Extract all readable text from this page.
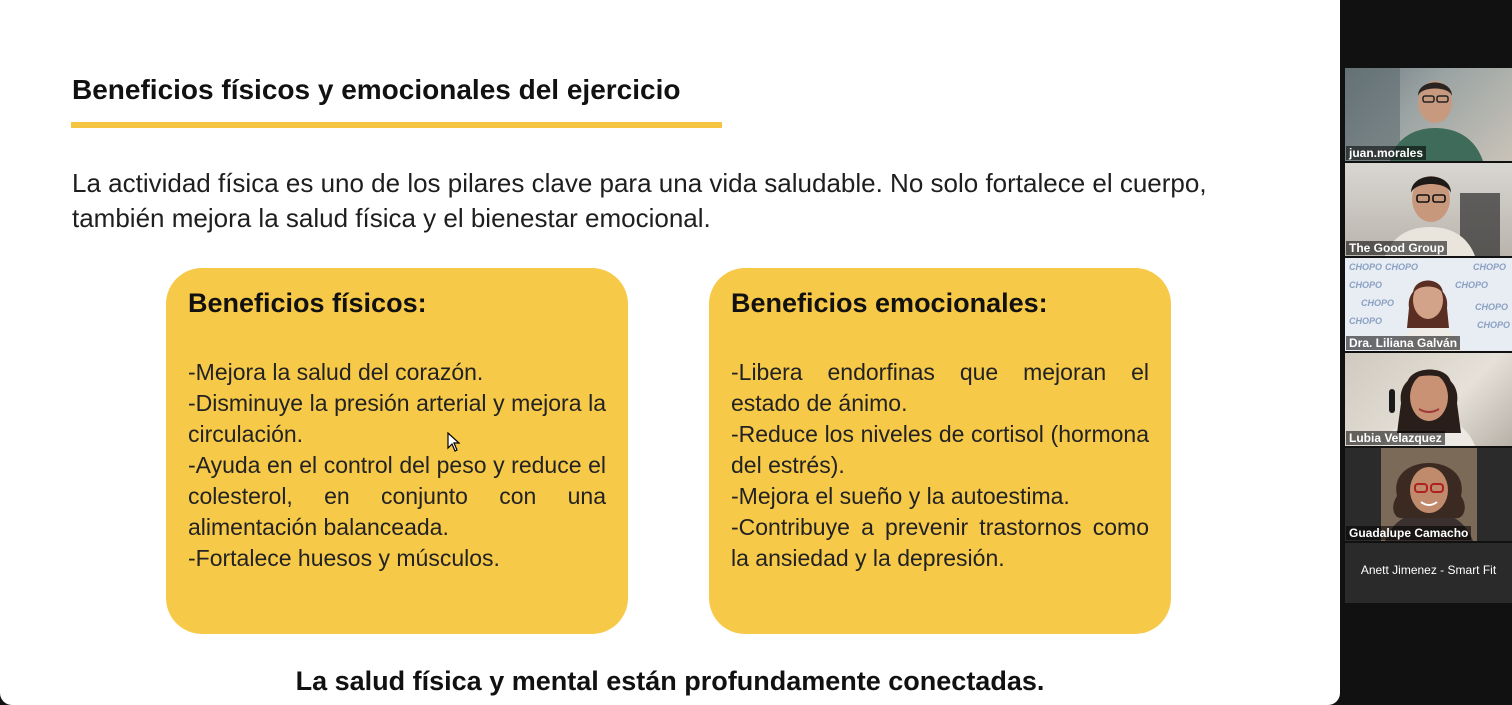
Beneficios físicos y emocionales del ejercicio
La actividad física es uno de los pilares clave para una vida saludable. No solo fortalece el cuerpo, también mejora la salud física y el bienestar emocional.
Beneficios físicos:
-Mejora la salud del corazón.
-Disminuye la presión arterial y mejora la circulación.
-Ayuda en el control del peso y reduce el colesterol, en conjunto con una alimentación balanceada.
-Fortalece huesos y músculos.
Beneficios emocionales:
-Libera endorfinas que mejoran el estado de ánimo.
-Reduce los niveles de cortisol (hormona del estrés).
-Mejora el sueño y la autoestima.
-Contribuye a prevenir trastornos como la ansiedad y la depresión.
La salud física y mental están profundamente conectadas.
juan.morales
The Good Group
CHOPO CHOPO	CHOPO
CHOPO	CHOPO
CHOPO	CHOPO
CHOPO	CHOPO
Dra. Liliana Galván
Lubia Velazquez
Guadalupe Camacho
Anett Jimenez - Smart Fit
